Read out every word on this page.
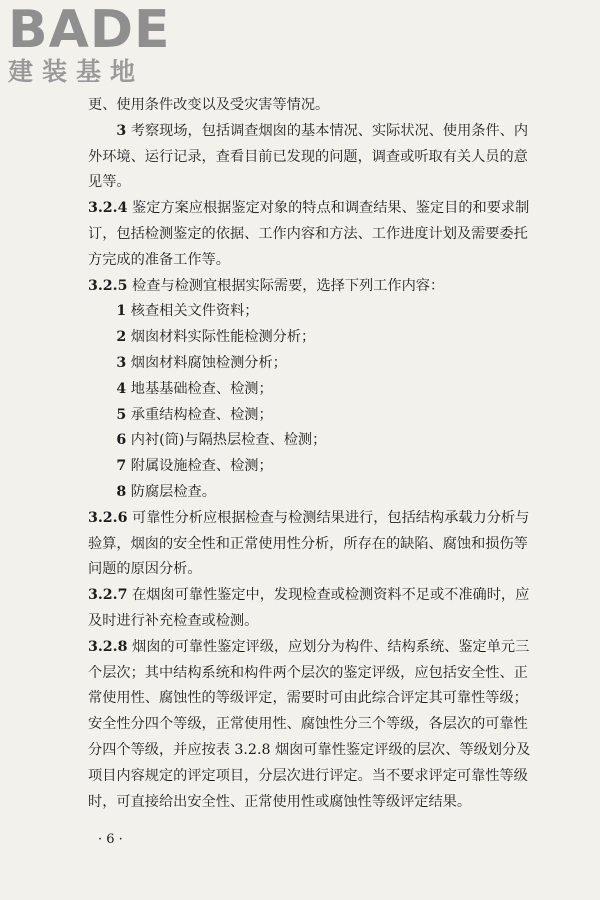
BADE
建装基地

更、使用条件改变以及受灾害等情况。

3 考察现场，包括调查烟囱的基本情况、实际状况、使用条件、内外环境、运行记录，查看目前已发现的问题，调查或听取有关人员的意见等。

3.2.4 鉴定方案应根据鉴定对象的特点和调查结果、鉴定目的和要求制订，包括检测鉴定的依据、工作内容和方法、工作进度计划及需要委托方完成的准备工作等。

3.2.5 检查与检测宜根据实际需要，选择下列工作内容：

1 核查相关文件资料；

2 烟囱材料实际性能检测分析；

3 烟囱材料腐蚀检测分析；

4 地基基础检查、检测；

5 承重结构检查、检测；

6 内衬(筒)与隔热层检查、检测；

7 附属设施检查、检测；

8 防腐层检查。

3.2.6 可靠性分析应根据检查与检测结果进行，包括结构承载力分析与验算，烟囱的安全性和正常使用性分析，所存在的缺陷、腐蚀和损伤等问题的原因分析。

3.2.7 在烟囱可靠性鉴定中，发现检查或检测资料不足或不准确时，应及时进行补充检查或检测。

3.2.8 烟囱的可靠性鉴定评级，应划分为构件、结构系统、鉴定单元三个层次；其中结构系统和构件两个层次的鉴定评级，应包括安全性、正常使用性、腐蚀性的等级评定，需要时可由此综合评定其可靠性等级；安全性分四个等级，正常使用性、腐蚀性分三个等级，各层次的可靠性分四个等级，并应按表 3.2.8 烟囱可靠性鉴定评级的层次、等级划分及项目内容规定的评定项目，分层次进行评定。当不要求评定可靠性等级时，可直接给出安全性、正常使用性或腐蚀性等级评定结果。

· 6 ·
